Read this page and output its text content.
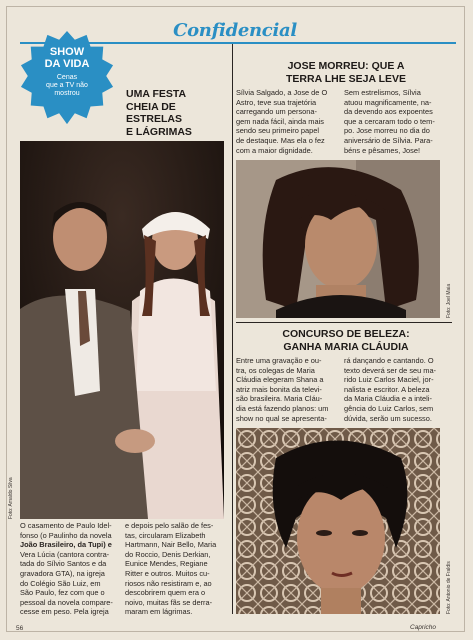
Confidencial
SHOW
DA VIDA
Cenas
que a TV não
mostrou	UMA FESTA
CHEIA DE
ESTRELAS
E LÁGRIMAS
Foto: Amaldo Silva
O casamento de Paulo Idel-
fonso (o Paulinho da novela
João Brasileiro, da Tupi) e
Vera Lúcia (cantora contra-
tada do Sílvio Santos e da
gravadora GTA), na igreja
do Colégio São Luiz, em
São Paulo, fez com que o
pessoal da novela compare-
cesse em peso. Pela igreja
e depois pelo salão de fes-
tas, circularam Elizabeth
Hartmann, Nair Bello, Maria
do Roccio, Denis Derkian,
Eunice Mendes, Regiane
Ritter e outros. Muitos cu-
riosos não resistiram e, ao
descobrirem quem era o
noivo, muitas fãs se derra-
maram em lágrimas.
JOSE MORREU: QUE A
TERRA LHE SEJA LEVE
Sílvia Salgado, a Jose de O
Astro, teve sua trajetória
carregando um persona-
gem nada fácil, ainda mais
sendo seu primeiro papel
de destaque. Mas ela o fez
com a maior dignidade.
Sem estrelismos, Sílvia
atuou magnificamente, na-
da devendo aos expoentes
que a cercaram todo o tem-
po. Jose morreu no dia do
aniversário de Sílvia. Para-
béns e pêsames, Jose!
Foto: Joel Maia
CONCURSO DE BELEZA:
GANHA MARIA CLÁUDIA
Entre uma gravação e ou-
tra, os colegas de Maria
Cláudia elegeram Shana a
atriz mais bonita da televi-
são brasileira. Maria Cláu-
dia está fazendo planos: um
show no qual se apresenta-
rá dançando e cantando. O
texto deverá ser de seu ma-
rido Luiz Carlos Maciel, jor-
nalista e escritor. A beleza
da Maria Cláudia e a inteli-
gência do Luiz Carlos, sem
dúvida, serão um sucesso.
Foto: Antonio de Fraldis
56	Capricho
